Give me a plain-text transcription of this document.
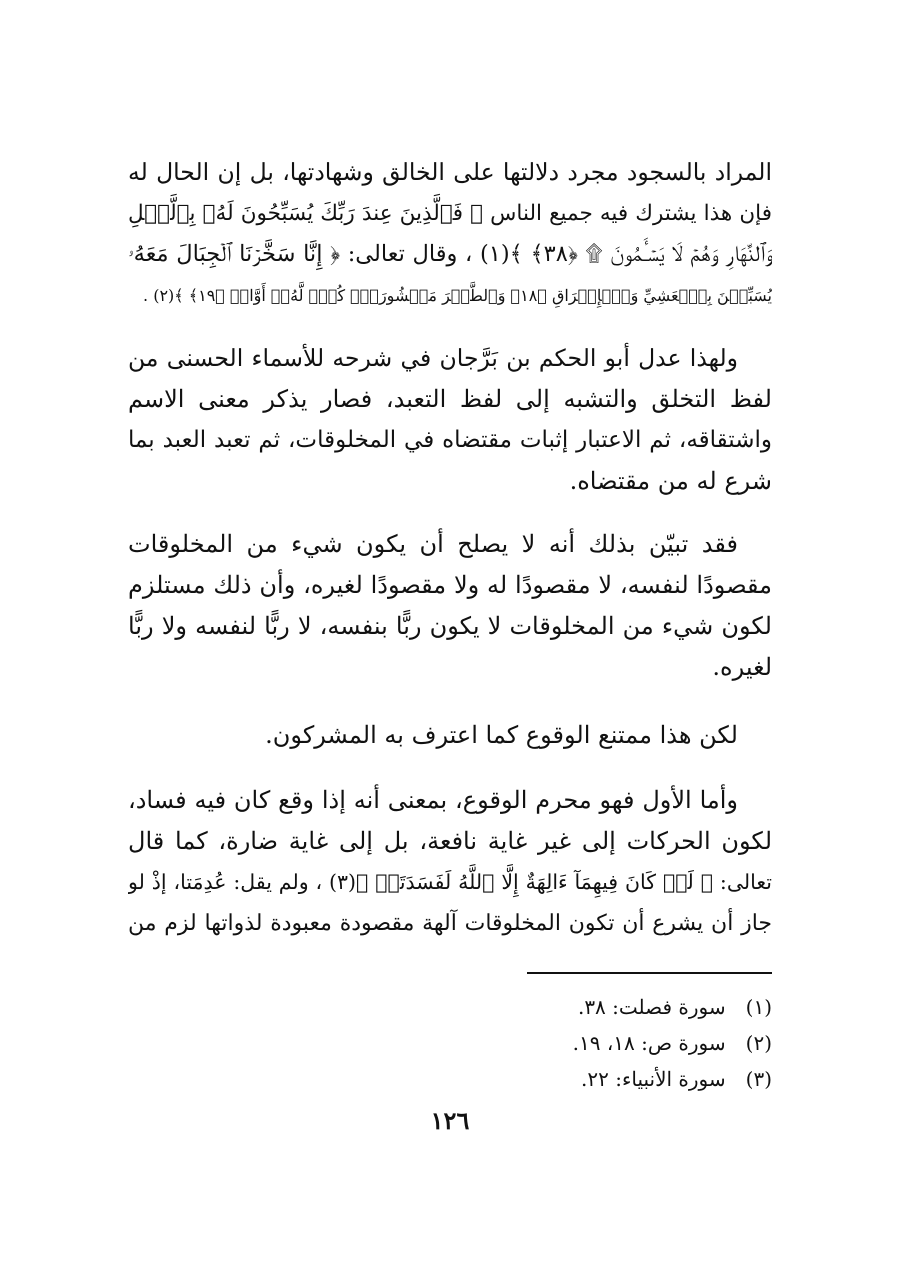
المراد بالسجود مجرد دلالتها على الخالق وشهادتها، بل إن الحال له
فإن هذا يشترك فيه جميع الناس ﴿ فَٱلَّذِينَ عِندَ رَبِّكَ يُسَبِّحُونَ لَهُۥ بِٱلَّيۡلِ
وَٱلنَّهَارِ وَهُمۡ لَا يَسۡـَٔمُونَ ۩ ﴿٣٨﴾ ﴾(١) ، وقال تعالى: ﴿ إِنَّا سَخَّرۡنَا ٱلۡجِبَالَ مَعَهُۥ
يُسَبِّحۡنَ بِٱلۡعَشِيِّ وَٱلۡإِشۡرَاقِ ﴿١٨﴾ وَٱلطَّيۡرَ مَحۡشُورَةٗۖ كُلّٞ لَّهُۥٓ أَوَّابٞ ﴿١٩﴾ ﴾(٢) .
ولهذا عدل أبو الحكم بن بَرَّجان في شرحه للأسماء الحسنى من
لفظ التخلق والتشبه إلى لفظ التعبد، فصار يذكر معنى الاسم
واشتقاقه، ثم الاعتبار إثبات مقتضاه في المخلوقات، ثم تعبد العبد بما
شرع له من مقتضاه.
فقد تبيّن بذلك أنه لا يصلح أن يكون شيء من المخلوقات
مقصودًا لنفسه، لا مقصودًا له ولا مقصودًا لغيره، وأن ذلك مستلزم
لكون شيء من المخلوقات لا يكون ربًّا بنفسه، لا ربًّا لنفسه ولا ربًّا
لغيره.
لكن هذا ممتنع الوقوع كما اعترف به المشركون.
وأما الأول فهو محرم الوقوع، بمعنى أنه إذا وقع كان فيه فساد،
لكون الحركات إلى غير غاية نافعة، بل إلى غاية ضارة، كما قال
تعالى: ﴿ لَوۡ كَانَ فِيهِمَآ ءَالِهَةٌ إِلَّا ٱللَّهُ لَفَسَدَتَاۚ ﴾(٣) ، ولم يقل: عُدِمَتا، إذْ لو
جاز أن يشرع أن تكون المخلوقات آلهة مقصودة معبودة لذواتها لزم من
(١) سورة فصلت: ٣٨.
(٢) سورة ص: ١٨، ١٩.
(٣) سورة الأنبياء: ٢٢.
١٢٦
